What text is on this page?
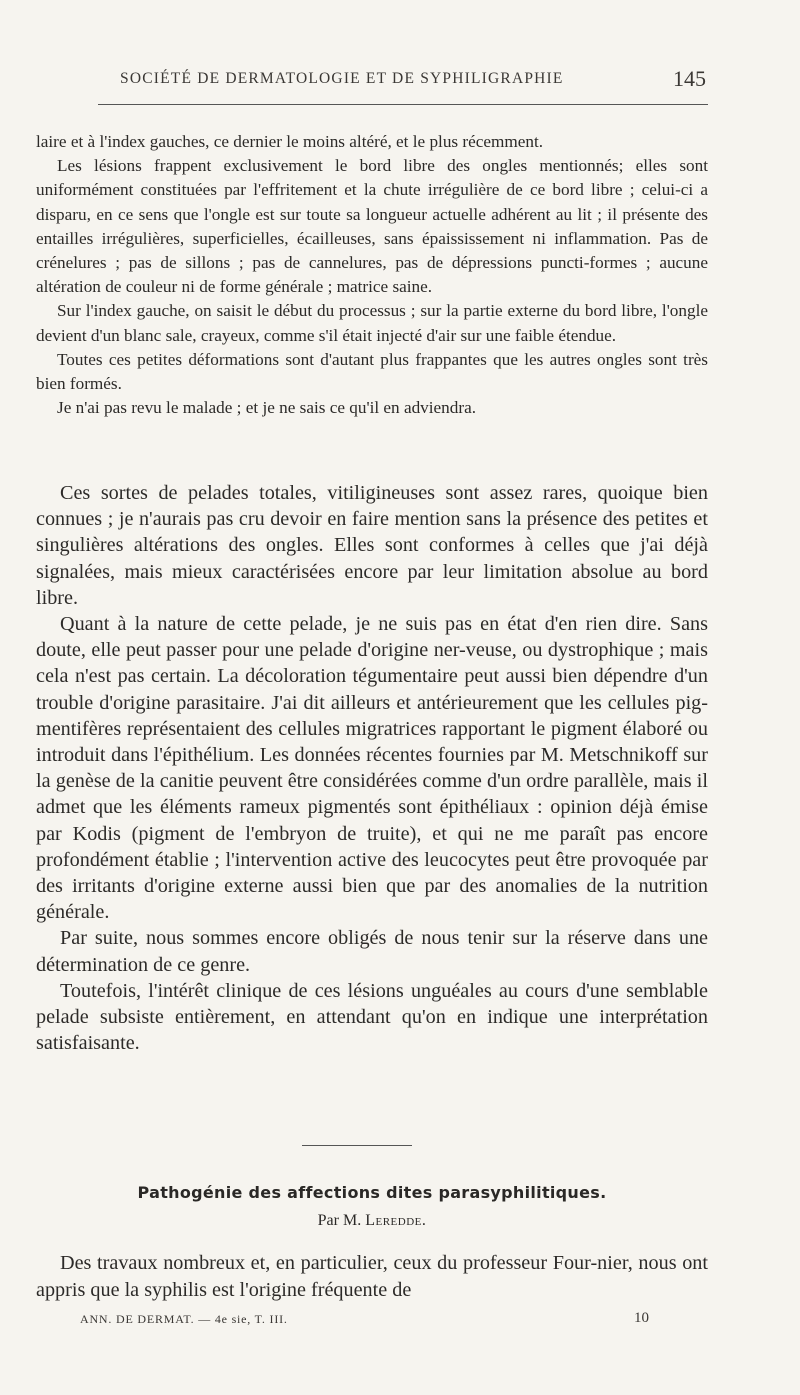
SOCIÉTÉ DE DERMATOLOGIE ET DE SYPHILIGRAPHIE	145

laire et à l'index gauches, ce dernier le moins altéré, et le plus récemment.

Les lésions frappent exclusivement le bord libre des ongles mentionnés; elles sont uniformément constituées par l'effritement et la chute irrégulière de ce bord libre ; celui-ci a disparu, en ce sens que l'ongle est sur toute sa longueur actuelle adhérent au lit ; il présente des entailles irrégulières, superficielles, écailleuses, sans épaississement ni inflammation. Pas de crénelures ; pas de sillons ; pas de cannelures, pas de dépressions puncti-formes ; aucune altération de couleur ni de forme générale ; matrice saine.

Sur l'index gauche, on saisit le début du processus ; sur la partie externe du bord libre, l'ongle devient d'un blanc sale, crayeux, comme s'il était injecté d'air sur une faible étendue.

Toutes ces petites déformations sont d'autant plus frappantes que les autres ongles sont très bien formés.

Je n'ai pas revu le malade ; et je ne sais ce qu'il en adviendra.

Ces sortes de pelades totales, vitiligineuses sont assez rares, quoique bien connues ; je n'aurais pas cru devoir en faire mention sans la présence des petites et singulières altérations des ongles. Elles sont conformes à celles que j'ai déjà signalées, mais mieux caractérisées encore par leur limitation absolue au bord libre.

Quant à la nature de cette pelade, je ne suis pas en état d'en rien dire. Sans doute, elle peut passer pour une pelade d'origine ner-veuse, ou dystrophique ; mais cela n'est pas certain. La décoloration tégumentaire peut aussi bien dépendre d'un trouble d'origine parasitaire. J'ai dit ailleurs et antérieurement que les cellules pig-mentifères représentaient des cellules migratrices rapportant le pigment élaboré ou introduit dans l'épithélium. Les données récentes fournies par M. Metschnikoff sur la genèse de la canitie peuvent être considérées comme d'un ordre parallèle, mais il admet que les éléments rameux pigmentés sont épithéliaux : opinion déjà émise par Kodis (pigment de l'embryon de truite), et qui ne me paraît pas encore profondément établie ; l'intervention active des leucocytes peut être provoquée par des irritants d'origine externe aussi bien que par des anomalies de la nutrition générale.

Par suite, nous sommes encore obligés de nous tenir sur la réserve dans une détermination de ce genre.

Toutefois, l'intérêt clinique de ces lésions unguéales au cours d'une semblable pelade subsiste entièrement, en attendant qu'on en indique une interprétation satisfaisante.

Pathogénie des affections dites parasyphilitiques.
Par M. Leredde.

Des travaux nombreux et, en particulier, ceux du professeur Four-nier, nous ont appris que la syphilis est l'origine fréquente de

ANN. DE DERMAT. — 4e sie, T. III.	10
